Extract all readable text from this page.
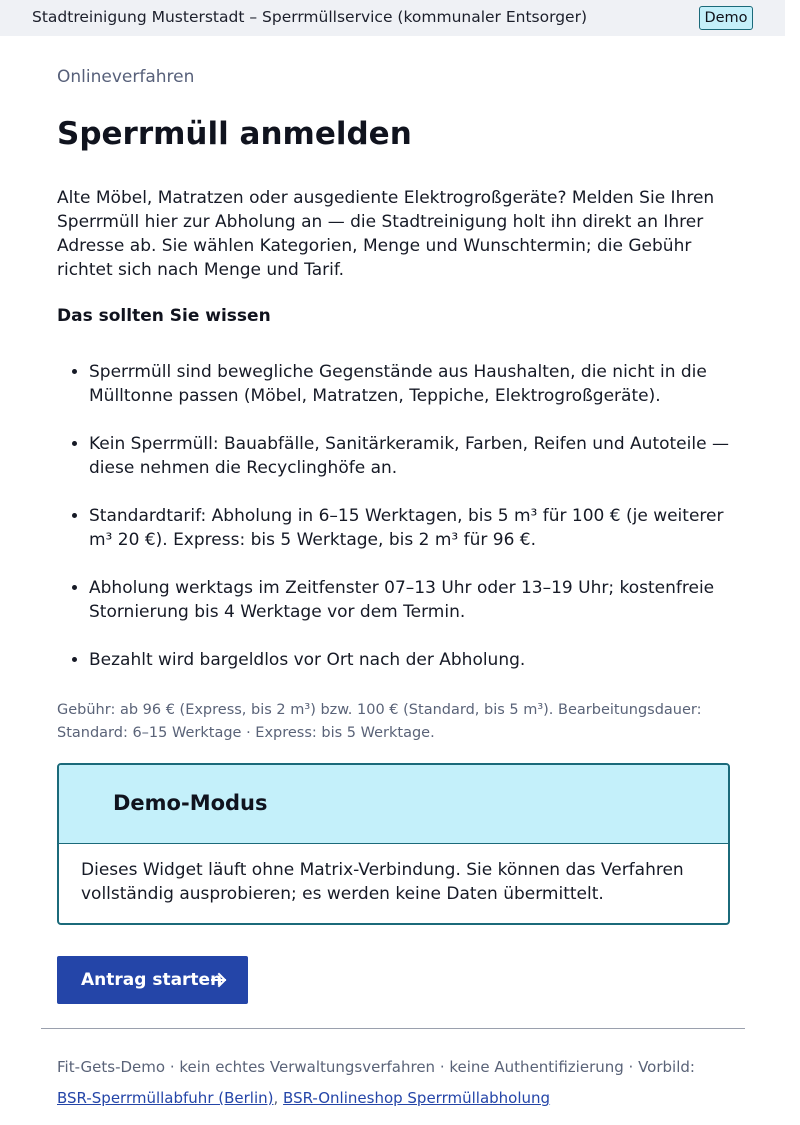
Stadtreinigung Musterstadt – Sperrmüllservice (kommunaler Entsorger)	Demo
Onlineverfahren
Sperrmüll anmelden

Alte Möbel, Matratzen oder ausgediente Elektrogroßgeräte? Melden Sie Ihren Sperrmüll hier zur Abholung an — die Stadtreinigung holt ihn direkt an Ihrer Adresse ab. Sie wählen Kategorien, Menge und Wunschtermin; die Gebühr richtet sich nach Menge und Tarif.

Das sollten Sie wissen
• Sperrmüll sind bewegliche Gegenstände aus Haushalten, die nicht in die Mülltonne passen (Möbel, Matratzen, Teppiche, Elektrogroßgeräte).
• Kein Sperrmüll: Bauabfälle, Sanitärkeramik, Farben, Reifen und Autoteile — diese nehmen die Recyclinghöfe an.
• Standardtarif: Abholung in 6–15 Werktagen, bis 5 m³ für 100 € (je weiterer m³ 20 €). Express: bis 5 Werktage, bis 2 m³ für 96 €.
• Abholung werktags im Zeitfenster 07–13 Uhr oder 13–19 Uhr; kostenfreie Stornierung bis 4 Werktage vor dem Termin.
• Bezahlt wird bargeldlos vor Ort nach der Abholung.

Gebühr: ab 96 € (Express, bis 2 m³) bzw. 100 € (Standard, bis 5 m³). Bearbeitungsdauer: Standard: 6–15 Werktage · Express: bis 5 Werktage.

Demo-Modus

Dieses Widget läuft ohne Matrix-Verbindung. Sie können das Verfahren vollständig ausprobieren; es werden keine Daten übermittelt.

Antrag starten
Fit-Gets-Demo · kein echtes Verwaltungsverfahren · keine Authentifizierung · Vorbild:
BSR-Sperrmüllabfuhr (Berlin), BSR-Onlineshop Sperrmüllabholung
